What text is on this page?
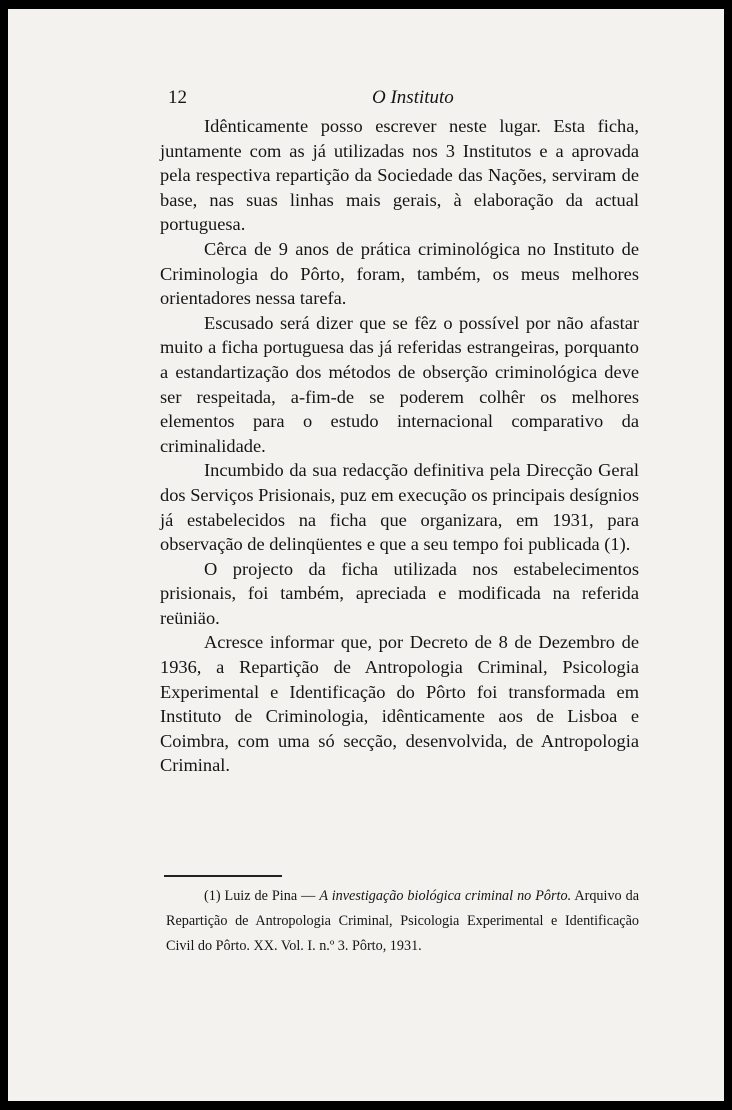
12	O Instituto

Idênticamente posso escrever neste lugar. Esta ficha, juntamente com as já utilizadas nos 3 Institutos e a aprovada pela respectiva repartição da Sociedade das Nações, serviram de base, nas suas linhas mais gerais, à elaboração da actual portuguesa.

Cêrca de 9 anos de prática criminológica no Instituto de Criminologia do Pôrto, foram, também, os meus melhores orientadores nessa tarefa.

Escusado será dizer que se fêz o possível por não afastar muito a ficha portuguesa das já referidas estrangeiras, porquanto a estandartização dos métodos de obserção criminológica deve ser respeitada, a-fim-de se poderem colhêr os melhores elementos para o estudo internacional comparativo da criminalidade.

Incumbido da sua redacção definitiva pela Direcção Geral dos Serviços Prisionais, puz em execução os principais desígnios já estabelecidos na ficha que organizara, em 1931, para observação de delinqüentes e que a seu tempo foi publicada (1).

O projecto da ficha utilizada nos estabelecimentos prisionais, foi também, apreciada e modificada na referida reüniäo.

Acresce informar que, por Decreto de 8 de Dezembro de 1936, a Repartição de Antropologia Criminal, Psicologia Experimental e Identificação do Pôrto foi transformada em Instituto de Criminologia, idênticamente aos de Lisboa e Coimbra, com uma só secção, desenvolvida, de Antropologia Criminal.

(1) Luiz de Pina — A investigação biológica criminal no Pôrto. Arquivo da Repartição de Antropologia Criminal, Psicologia Experimental e Identificação Civil do Pôrto. XX. Vol. I. n.º 3. Pôrto, 1931.
